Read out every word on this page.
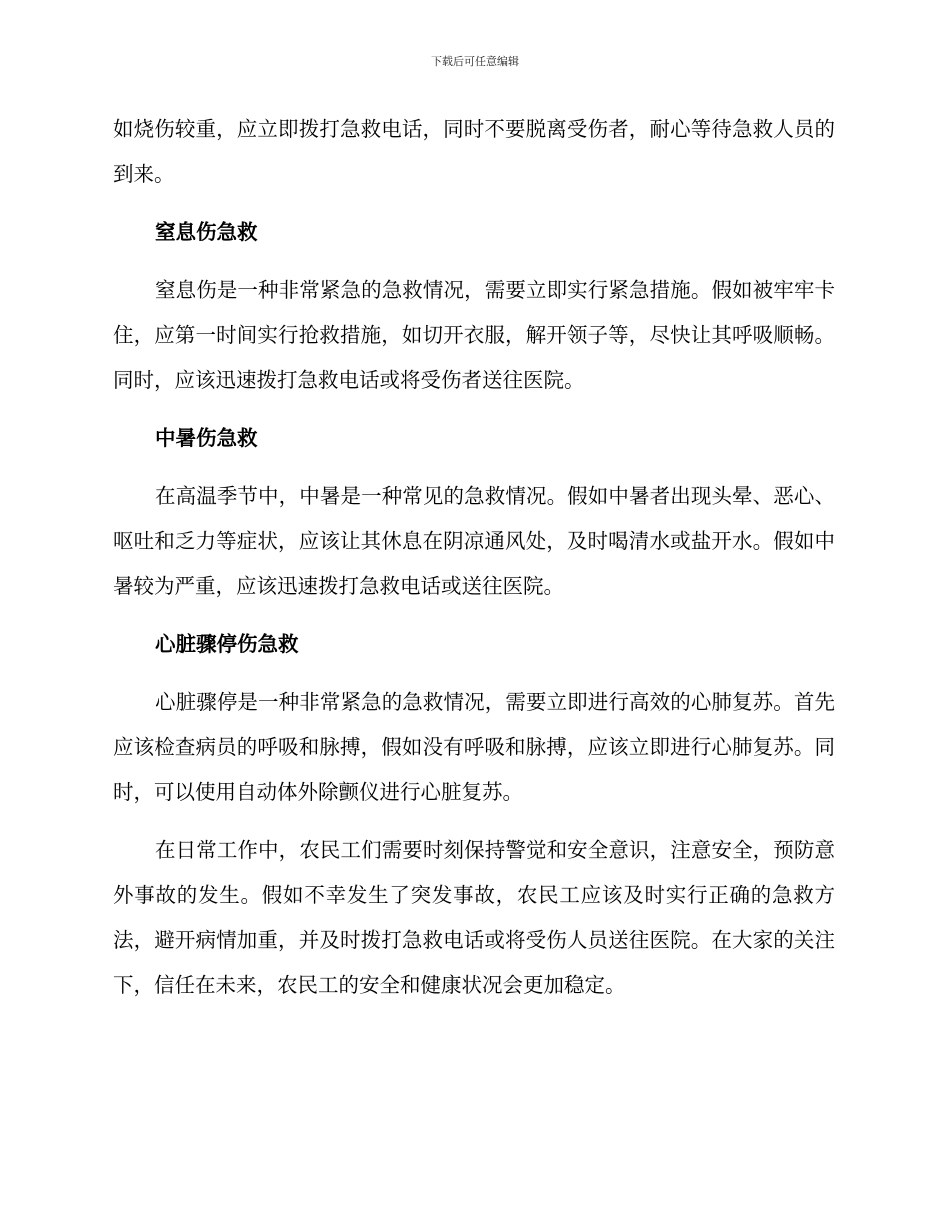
下载后可任意编辑

如烧伤较重，应立即拨打急救电话，同时不要脱离受伤者，耐心等待急救人员的到来。

窒息伤急救

窒息伤是一种非常紧急的急救情况，需要立即实行紧急措施。假如被牢牢卡住，应第一时间实行抢救措施，如切开衣服，解开领子等，尽快让其呼吸顺畅。同时，应该迅速拨打急救电话或将受伤者送往医院。

中暑伤急救

在高温季节中，中暑是一种常见的急救情况。假如中暑者出现头晕、恶心、呕吐和乏力等症状，应该让其休息在阴凉通风处，及时喝清水或盐开水。假如中暑较为严重，应该迅速拨打急救电话或送往医院。

心脏骤停伤急救

心脏骤停是一种非常紧急的急救情况，需要立即进行高效的心肺复苏。首先应该检查病员的呼吸和脉搏，假如没有呼吸和脉搏，应该立即进行心肺复苏。同时，可以使用自动体外除颤仪进行心脏复苏。

在日常工作中，农民工们需要时刻保持警觉和安全意识，注意安全，预防意外事故的发生。假如不幸发生了突发事故，农民工应该及时实行正确的急救方法，避开病情加重，并及时拨打急救电话或将受伤人员送往医院。在大家的关注下，信任在未来，农民工的安全和健康状况会更加稳定。
